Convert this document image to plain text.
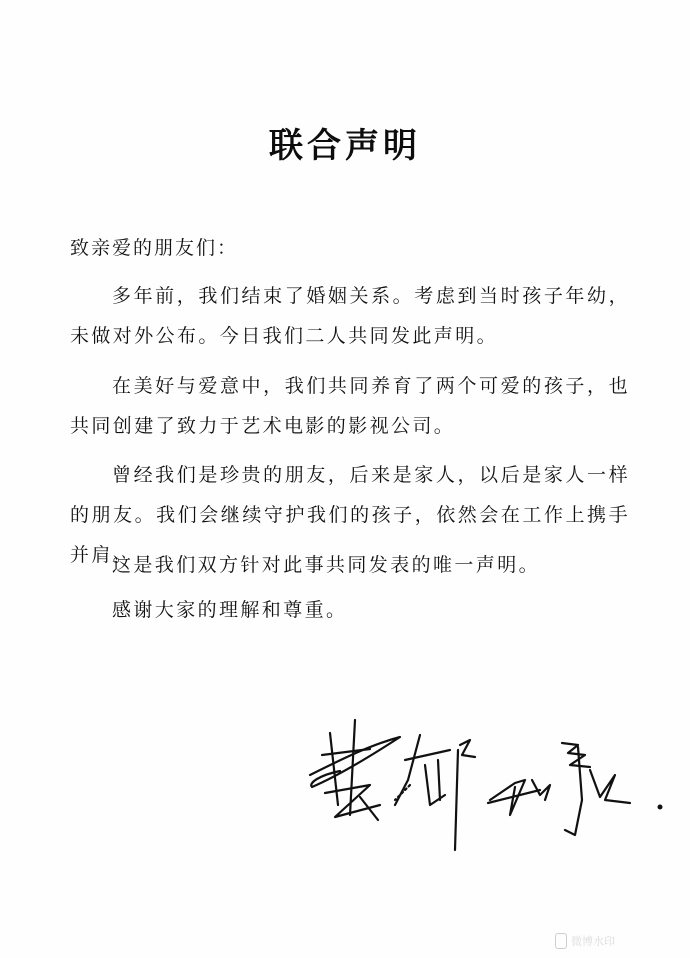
联合声明
致亲爱的朋友们：
多年前，我们结束了婚姻关系。考虑到当时孩子年幼，未做对外公布。今日我们二人共同发此声明。
在美好与爱意中，我们共同养育了两个可爱的孩子，也共同创建了致力于艺术电影的影视公司。
曾经我们是珍贵的朋友，后来是家人，以后是家人一样的朋友。我们会继续守护我们的孩子，依然会在工作上携手并肩。
这是我们双方针对此事共同发表的唯一声明。
感谢大家的理解和尊重。
微博水印
